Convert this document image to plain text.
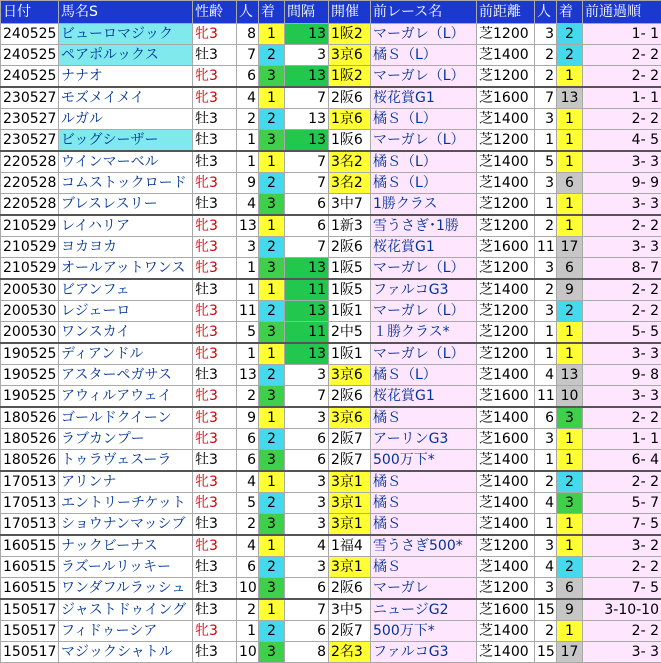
日付	馬名S	性齢	人	着	間隔	開催	前レース名	前距離	人	着	前通過順
240525	ビューロマジック	牝3	8	1	13	1阪2	マーガレ（L）	芝1200	3	2	1- 1
240525	ペアポルックス	牡3	7	2	3	3京6	橘Ｓ（L）	芝1400	2	2	2- 2
240525	ナナオ	牝3	6	3	13	1阪2	マーガレ（L）	芝1200	2	1	2- 2
230527	モズメイメイ	牝3	4	1	7	2阪6	桜花賞G1	芝1600	7	13	1- 1
230527	ルガル	牡3	2	2	13	1京6	橘Ｓ（L）	芝1400	3	1	2- 2
230527	ビッグシーザー	牡3	1	3	13	1阪6	マーガレ（L）	芝1200	1	1	4- 5
220528	ウインマーベル	牡3	1	1	7	3名2	橘Ｓ（L）	芝1400	5	1	3- 3
220528	コムストックロード	牝3	9	2	7	3名2	橘Ｓ（L）	芝1400	3	6	9- 9
220528	ブレスレスリー	牡3	4	3	6	3中7	1勝クラス	芝1200	1	1	3- 3
210529	レイハリア	牝3	13	1	6	1新3	雪うさぎ･1勝	芝1200	2	1	2- 2
210529	ヨカヨカ	牝3	3	2	7	2阪6	桜花賞G1	芝1600	11	17	3- 3
210529	オールアットワンス	牝3	1	3	13	1阪5	マーガレ（L）	芝1200	3	6	8- 7
200530	ビアンフェ	牡3	1	1	11	1阪5	ファルコG3	芝1400	2	9	2- 2
200530	レジェーロ	牝3	11	2	13	1阪1	マーガレ（L）	芝1200	3	2	2- 2
200530	ワンスカイ	牝3	5	3	11	2中5	１勝クラス*	芝1200	1	1	5- 5
190525	ディアンドル	牝3	1	1	13	1阪1	マーガレ（L）	芝1200	1	1	3- 3
190525	アスターペガサス	牡3	13	2	3	3京6	橘Ｓ（L）	芝1400	4	13	9- 8
190525	アウィルアウェイ	牝3	2	3	7	2阪6	桜花賞G1	芝1600	11	10	3- 3
180526	ゴールドクイーン	牝3	9	1	3	3京6	橘Ｓ	芝1400	6	3	2- 2
180526	ラブカンプー	牝3	6	2	6	2阪7	アーリンG3	芝1600	3	1	1- 1
180526	トゥラヴェスーラ	牡3	6	3	6	2阪7	500万下*	芝1400	1	1	6- 4
170513	アリンナ	牝3	4	1	3	3京1	橘Ｓ	芝1400	2	2	2- 2
170513	エントリーチケット	牝3	5	2	3	3京1	橘Ｓ	芝1400	4	3	5- 7
170513	ショウナンマッシブ	牡3	2	3	3	3京1	橘Ｓ	芝1400	1	1	7- 5
160515	ナックビーナス	牝3	4	1	4	1福4	雪うさぎ500*	芝1200	3	1	3- 2
160515	ラズールリッキー	牡3	6	2	3	3京1	橘Ｓ	芝1400	4	2	2- 2
160515	ワンダフルラッシュ	牡3	10	3	6	2阪6	マーガレ	芝1200	3	6	7- 5
150517	ジャストドゥイング	牡3	2	1	7	3中5	ニュージG2	芝1600	15	9	3-10-10
150517	フィドゥーシア	牝3	1	2	6	2阪7	500万下*	芝1400	2	1	2- 2
150517	マジックシャトル	牡3	10	3	8	2名3	ファルコG3	芝1400	15	17	3- 3
